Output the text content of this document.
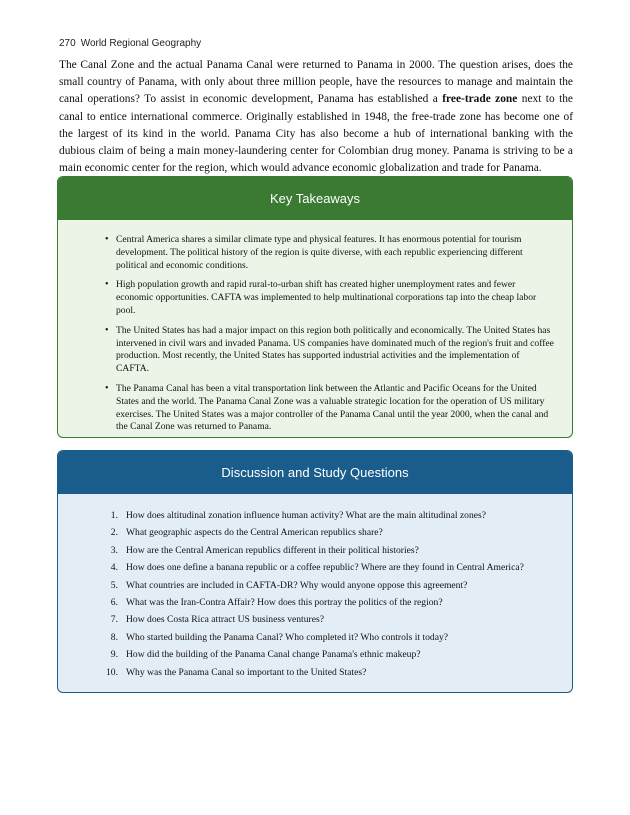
270 World Regional Geography

The Canal Zone and the actual Panama Canal were returned to Panama in 2000. The question arises, does the small country of Panama, with only about three million people, have the resources to manage and maintain the canal operations? To assist in economic development, Panama has established a free-trade zone next to the canal to entice international commerce. Originally established in 1948, the free-trade zone has become one of the largest of its kind in the world. Panama City has also become a hub of international banking with the dubious claim of being a main money-laundering center for Colombian drug money. Panama is striving to be a main economic center for the region, which would advance economic globalization and trade for Panama.

Key Takeaways
• Central America shares a similar climate type and physical features. It has enormous potential for tourism development. The political history of the region is quite diverse, with each republic experiencing different political and economic conditions.
• High population growth and rapid rural-to-urban shift has created higher unemployment rates and fewer economic opportunities. CAFTA was implemented to help multinational corporations tap into the cheap labor pool.
• The United States has had a major impact on this region both politically and economically. The United States has intervened in civil wars and invaded Panama. US companies have dominated much of the region's fruit and coffee production. Most recently, the United States has supported industrial activities and the implementation of CAFTA.
• The Panama Canal has been a vital transportation link between the Atlantic and Pacific Oceans for the United States and the world. The Panama Canal Zone was a valuable strategic location for the operation of US military exercises. The United States was a major controller of the Panama Canal until the year 2000, when the canal and the Canal Zone was returned to Panama.
Discussion and Study Questions
1. How does altitudinal zonation influence human activity? What are the main altitudinal zones?
2. What geographic aspects do the Central American republics share?
3. How are the Central American republics different in their political histories?
4. How does one define a banana republic or a coffee republic? Where are they found in Central America?
5. What countries are included in CAFTA-DR? Why would anyone oppose this agreement?
6. What was the Iran-Contra Affair? How does this portray the politics of the region?
7. How does Costa Rica attract US business ventures?
8. Who started building the Panama Canal? Who completed it? Who controls it today?
9. How did the building of the Panama Canal change Panama's ethnic makeup?
10. Why was the Panama Canal so important to the United States?
